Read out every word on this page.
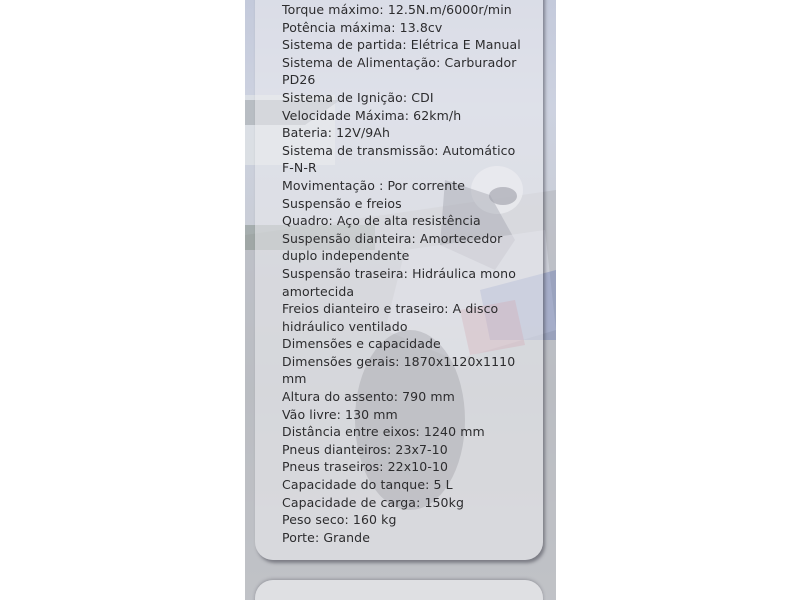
Torque máximo: 12.5N.m/6000r/min
Potência máxima: 13.8cv
Sistema de partida: Elétrica E Manual
Sistema de Alimentação: Carburador PD26
Sistema de Ignição: CDI
Velocidade Máxima: 62km/h
Bateria: 12V/9Ah
Sistema de transmissão: Automático F-N-R
Movimentação : Por corrente
Suspensão e freios
Quadro: Aço de alta resistência
Suspensão dianteira: Amortecedor duplo independente
Suspensão traseira: Hidráulica mono amortecida
Freios dianteiro e traseiro: A disco hidráulico ventilado
Dimensões e capacidade
Dimensões gerais: 1870x1120x1110 mm
Altura do assento: 790 mm
Vão livre: 130 mm
Distância entre eixos: 1240 mm
Pneus dianteiros: 23x7-10
Pneus traseiros: 22x10-10
Capacidade do tanque: 5 L
Capacidade de carga: 150kg
Peso seco: 160 kg
Porte: Grande
